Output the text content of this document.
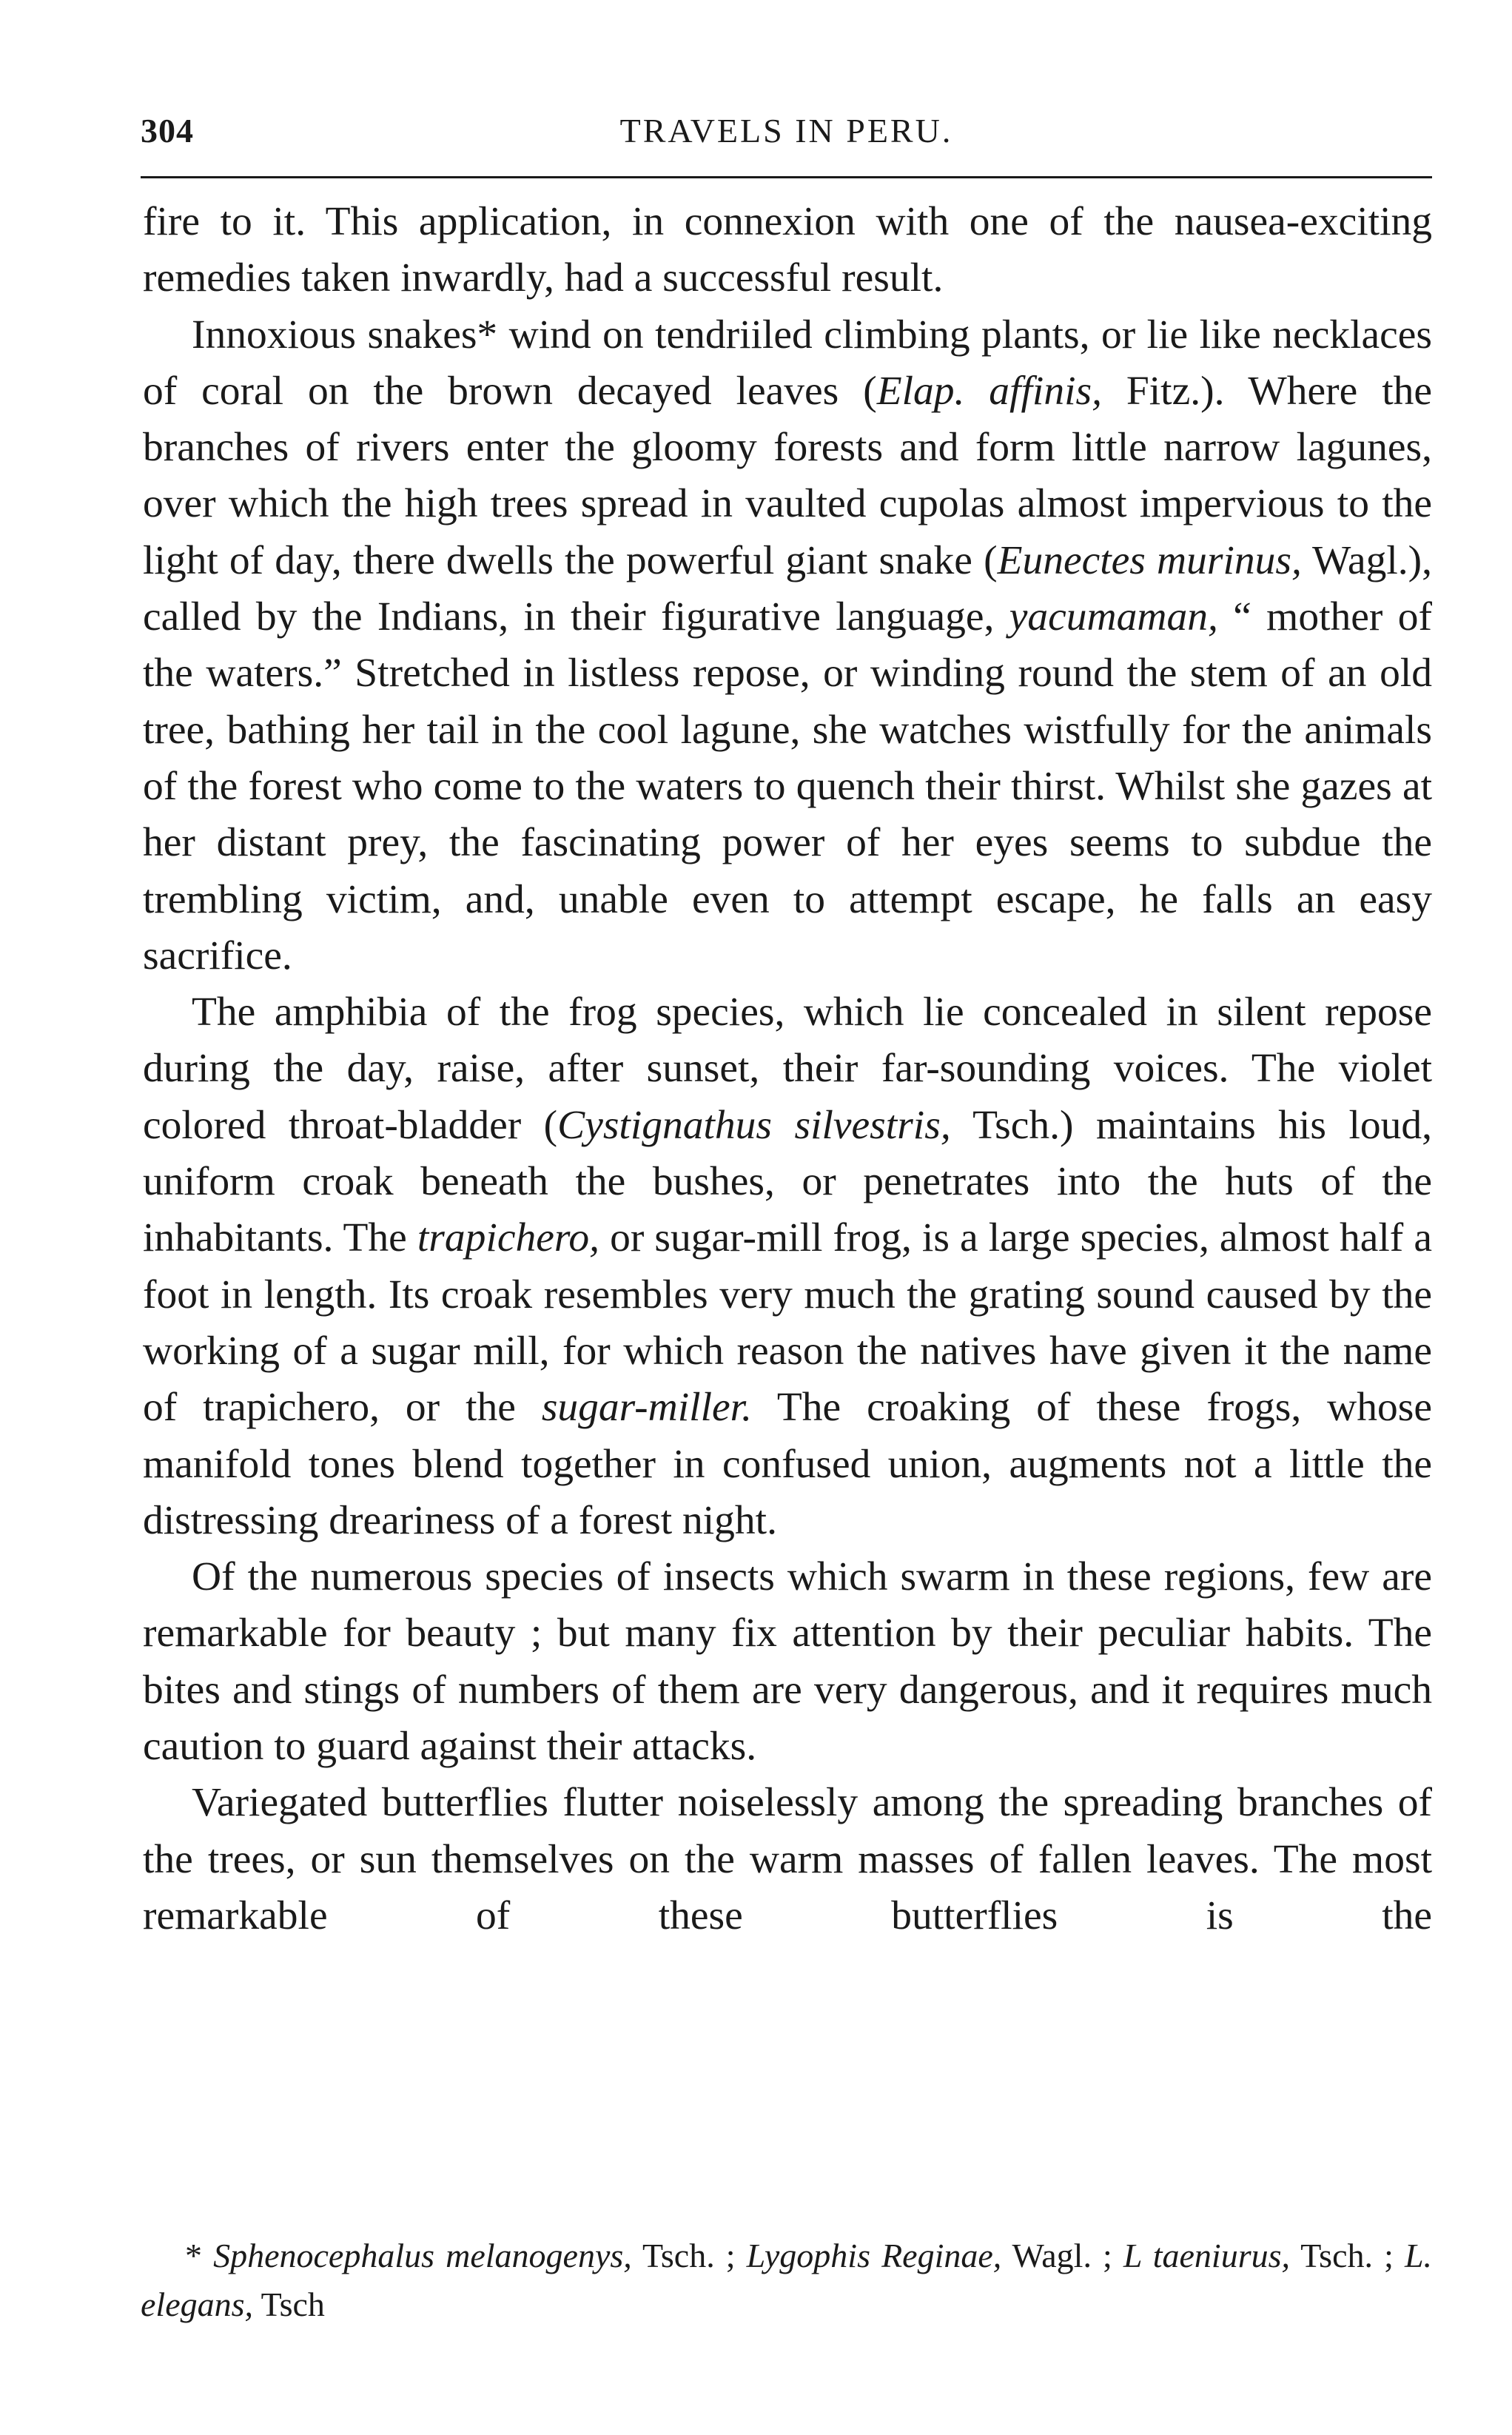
304	TRAVELS IN PERU.

fire to it. This application, in connexion with one of the nausea-exciting remedies taken inwardly, had a successful result.

Innoxious snakes* wind on tendriiled climbing plants, or lie like necklaces of coral on the brown decayed leaves (Elap. affinis, Fitz.). Where the branches of rivers enter the gloomy forests and form little narrow lagunes, over which the high trees spread in vaulted cupolas almost impervious to the light of day, there dwells the powerful giant snake (Eunectes murinus, Wagl.), called by the Indians, in their figurative language, yacumaman, “ mother of the waters.” Stretched in listless repose, or winding round the stem of an old tree, bathing her tail in the cool lagune, she watches wistfully for the animals of the forest who come to the waters to quench their thirst. Whilst she gazes at her distant prey, the fascinating power of her eyes seems to subdue the trembling victim, and, unable even to attempt escape, he falls an easy sacrifice.

The amphibia of the frog species, which lie concealed in silent repose during the day, raise, after sunset, their far-sounding voices. The violet colored throat-bladder (Cystignathus silvestris, Tsch.) maintains his loud, uniform croak beneath the bushes, or penetrates into the huts of the inhabitants. The trapichero, or sugar-mill frog, is a large species, almost half a foot in length. Its croak resembles very much the grating sound caused by the working of a sugar mill, for which reason the natives have given it the name of trapichero, or the sugar-miller. The croaking of these frogs, whose manifold tones blend together in confused union, augments not a little the distressing dreariness of a forest night.

Of the numerous species of insects which swarm in these regions, few are remarkable for beauty ; but many fix attention by their peculiar habits. The bites and stings of numbers of them are very dangerous, and it requires much caution to guard against their attacks.

Variegated butterflies flutter noiselessly among the spreading branches of the trees, or sun themselves on the warm masses of fallen leaves. The most remarkable of these butterflies is the

* Sphenocephalus melanogenys, Tsch. ; Lygophis Reginae, Wagl. ; L taeniurus, Tsch. ; L. elegans, Tsch
